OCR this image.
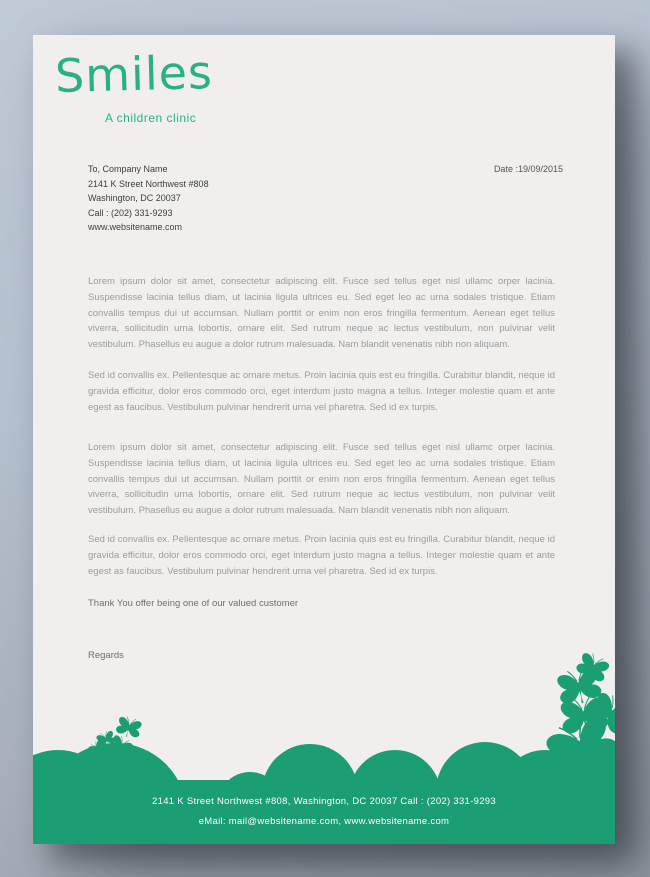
Smiles
A children clinic
To, Company Name
2141 K Street Northwest #808
Washington, DC 20037
Call : (202) 331-9293
www.websitename.com
Date :19/09/2015

Lorem ipsum dolor sit amet, consectetur adipiscing elit. Fusce sed tellus eget nisl ullamc orper lacinia. Suspendisse lacinia tellus diam, ut lacinia ligula ultrices eu. Sed eget leo ac urna sodales tristique. Etiam convallis tempus dui ut accumsan. Nullam porttit or enim non eros fringilla fermentum. Aenean eget tellus viverra, sollicitudin urna lobortis, ornare elit. Sed rutrum neque ac lectus vestibulum, non pulvinar velit vestibulum. Phasellus eu augue a dolor rutrum malesuada. Nam blandit venenatis nibh non aliquam.

Sed id convallis ex. Pellentesque ac ornare metus. Proin lacinia quis est eu fringilla. Curabitur blandit, neque id gravida efficitur, dolor eros commodo orci, eget interdum justo magna a tellus. Integer molestie quam et ante egest as faucibus. Vestibulum pulvinar hendrerit urna vel pharetra. Sed id ex turpis.

Lorem ipsum dolor sit amet, consectetur adipiscing elit. Fusce sed tellus eget nisl ullamc orper lacinia. Suspendisse lacinia tellus diam, ut lacinia ligula ultrices eu. Sed eget leo ac urna sodales tristique. Etiam convallis tempus dui ut accumsan. Nullam porttit or enim non eros fringilla fermentum. Aenean eget tellus viverra, sollicitudin urna lobortis, ornare elit. Sed rutrum neque ac lectus vestibulum, non pulvinar velit vestibulum. Phasellus eu augue a dolor rutrum malesuada. Nam blandit venenatis nibh non aliquam.

Sed id convallis ex. Pellentesque ac ornare metus. Proin lacinia quis est eu fringilla. Curabitur blandit, neque id gravida efficitur, dolor eros commodo orci, eget interdum justo magna a tellus. Integer molestie quam et ante egest as faucibus. Vestibulum pulvinar hendrerit urna vel pharetra. Sed id ex turpis.

Thank You offer being one of our valued customer
Regards
2141 K Street Northwest #808, Washington, DC 20037 Call : (202) 331-9293
eMail: mail@websitename.com, www.websitename.com
